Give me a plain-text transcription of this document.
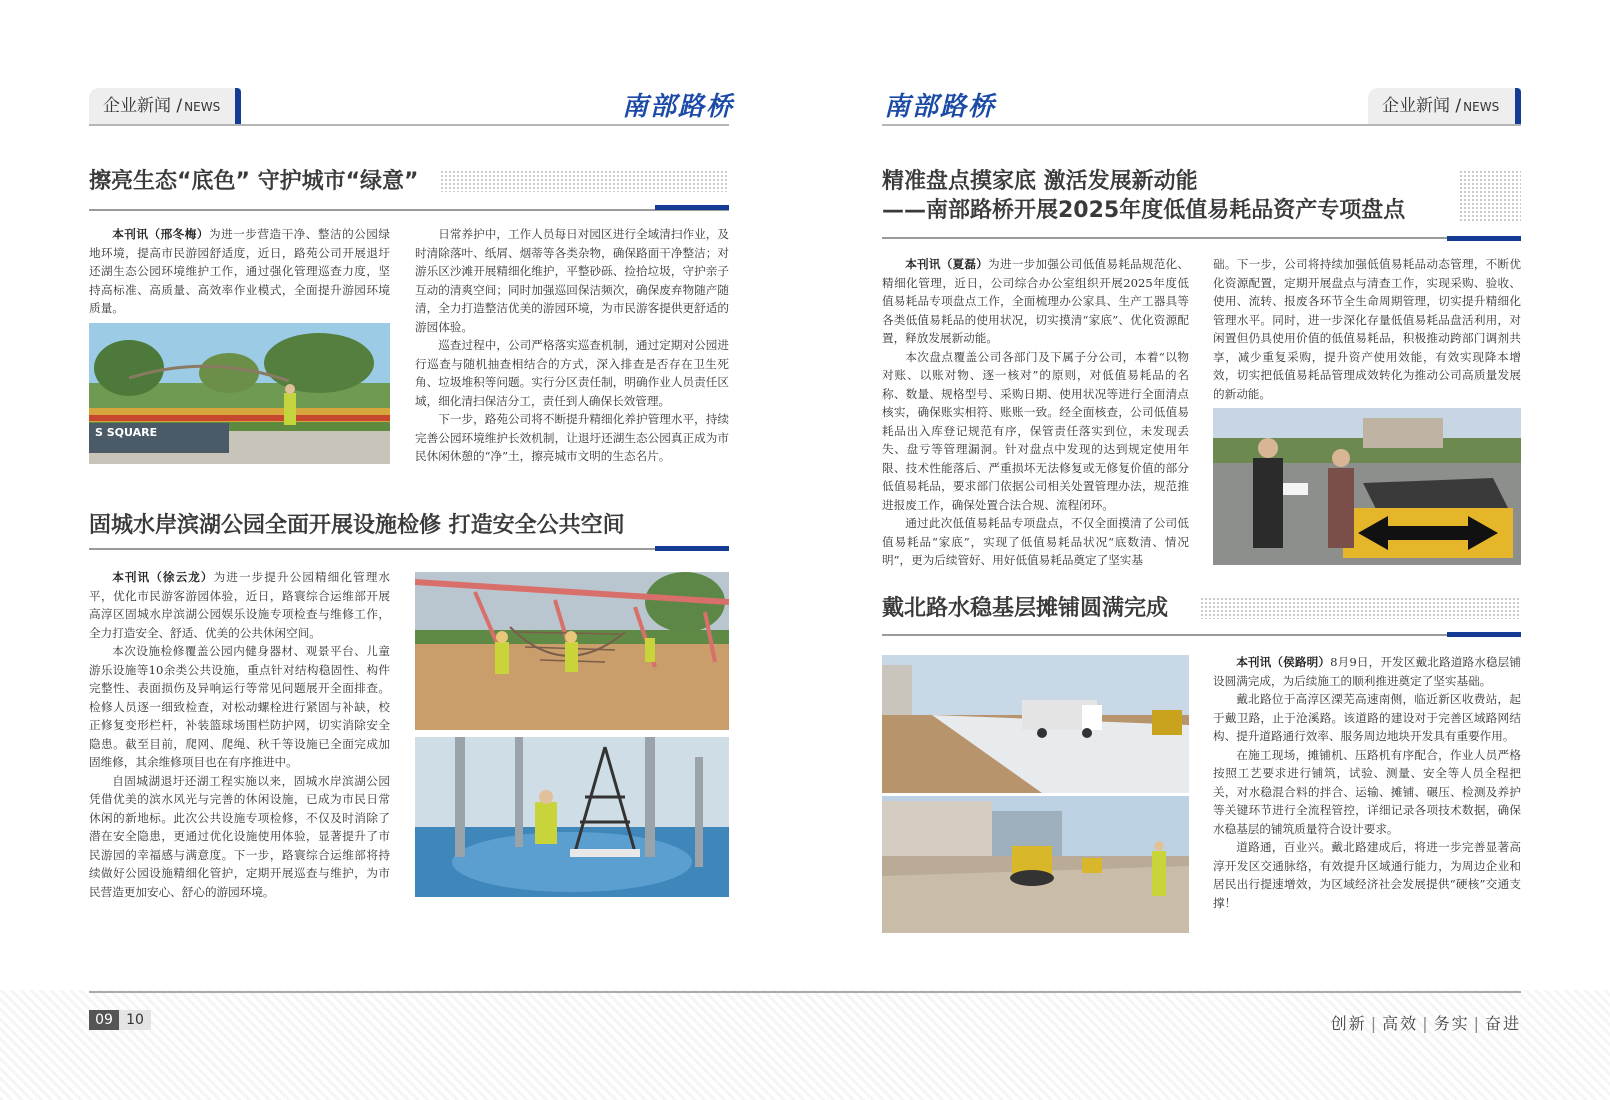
企业新闻 / NEWS	南部路桥	南部路桥	企业新闻 / NEWS
擦亮生态“底色” 守护城市“绿意”

本刊讯（邢冬梅）为进一步营造干净、整洁的公园绿地环境，提高市民游园舒适度，近日，路苑公司开展退圩还湖生态公园环境维护工作，通过强化管理巡查力度，坚持高标准、高质量、高效率作业模式，全面提升游园环境质量。

S SQUARE

日常养护中，工作人员每日对园区进行全域清扫作业，及时清除落叶、纸屑、烟蒂等各类杂物，确保路面干净整洁；对游乐区沙滩开展精细化维护，平整砂砾、捡拾垃圾，守护亲子互动的清爽空间；同时加强巡回保洁频次，确保废弃物随产随清，全力打造整洁优美的游园环境，为市民游客提供更舒适的游园体验。

巡查过程中，公司严格落实巡查机制，通过定期对公园进行巡查与随机抽查相结合的方式，深入排查是否存在卫生死角、垃圾堆积等问题。实行分区责任制，明确作业人员责任区域，细化清扫保洁分工，责任到人确保长效管理。

下一步，路苑公司将不断提升精细化养护管理水平，持续完善公园环境维护长效机制，让退圩还湖生态公园真正成为市民休闲休憩的“净”土，擦亮城市文明的生态名片。

固城水岸滨湖公园全面开展设施检修 打造安全公共空间

本刊讯（徐云龙）为进一步提升公园精细化管理水平，优化市民游客游园体验，近日，路寰综合运维部开展高淳区固城水岸滨湖公园娱乐设施专项检查与维修工作，全力打造安全、舒适、优美的公共休闲空间。

本次设施检修覆盖公园内健身器材、观景平台、儿童游乐设施等10余类公共设施，重点针对结构稳固性、构件完整性、表面损伤及异响运行等常见问题展开全面排查。检修人员逐一细致检查，对松动螺栓进行紧固与补缺，校正修复变形栏杆，补装篮球场围栏防护网，切实消除安全隐患。截至目前，爬网、爬绳、秋千等设施已全面完成加固维修，其余维修项目也在有序推进中。

自固城湖退圩还湖工程实施以来，固城水岸滨湖公园凭借优美的滨水风光与完善的休闲设施，已成为市民日常休闲的新地标。此次公共设施专项检修，不仅及时消除了潜在安全隐患，更通过优化设施使用体验，显著提升了市民游园的幸福感与满意度。下一步，路寰综合运维部将持续做好公园设施精细化管护，定期开展巡查与维护，为市民营造更加安心、舒心的游园环境。

精准盘点摸家底 激活发展新动能
——南部路桥开展2025年度低值易耗品资产专项盘点

本刊讯（夏磊）为进一步加强公司低值易耗品规范化、精细化管理，近日，公司综合办公室组织开展2025年度低值易耗品专项盘点工作，全面梳理办公家具、生产工器具等各类低值易耗品的使用状况，切实摸清“家底”、优化资源配置，释放发展新动能。

本次盘点覆盖公司各部门及下属子分公司，本着“以物对账、以账对物、逐一核对”的原则，对低值易耗品的名称、数量、规格型号、采购日期、使用状况等进行全面清点核实，确保账实相符、账账一致。经全面核查，公司低值易耗品出入库登记规范有序，保管责任落实到位，未发现丢失、盘亏等管理漏洞。针对盘点中发现的达到规定使用年限、技术性能落后、严重损坏无法修复或无修复价值的部分低值易耗品，要求部门依据公司相关处置管理办法，规范推进报废工作，确保处置合法合规、流程闭环。

通过此次低值易耗品专项盘点，不仅全面摸清了公司低值易耗品“家底”，实现了低值易耗品状况“底数清、情况明”，更为后续管好、用好低值易耗品奠定了坚实基

础。下一步，公司将持续加强低值易耗品动态管理，不断优化资源配置，定期开展盘点与清查工作，实现采购、验收、使用、流转、报废各环节全生命周期管理，切实提升精细化管理水平。同时，进一步深化存量低值易耗品盘活利用，对闲置但仍具使用价值的低值易耗品，积极推动跨部门调剂共享，减少重复采购，提升资产使用效能，有效实现降本增效，切实把低值易耗品管理成效转化为推动公司高质量发展的新动能。

戴北路水稳基层摊铺圆满完成

本刊讯（侯路明）8月9日，开发区戴北路道路水稳层铺设圆满完成，为后续施工的顺利推进奠定了坚实基础。

戴北路位于高淳区溧芜高速南侧，临近新区收费站，起于戴卫路，止于沧溪路。该道路的建设对于完善区域路网结构、提升道路通行效率、服务周边地块开发具有重要作用。

在施工现场，摊铺机、压路机有序配合，作业人员严格按照工艺要求进行铺筑，试验、测量、安全等人员全程把关，对水稳混合料的拌合、运输、摊铺、碾压、检测及养护等关键环节进行全流程管控，详细记录各项技术数据，确保水稳基层的铺筑质量符合设计要求。

道路通，百业兴。戴北路建成后，将进一步完善显著高淳开发区交通脉络，有效提升区域通行能力，为周边企业和居民出行提速增效，为区域经济社会发展提供“硬核”交通支撑！

09 10	创新 | 高效 | 务实 | 奋进
